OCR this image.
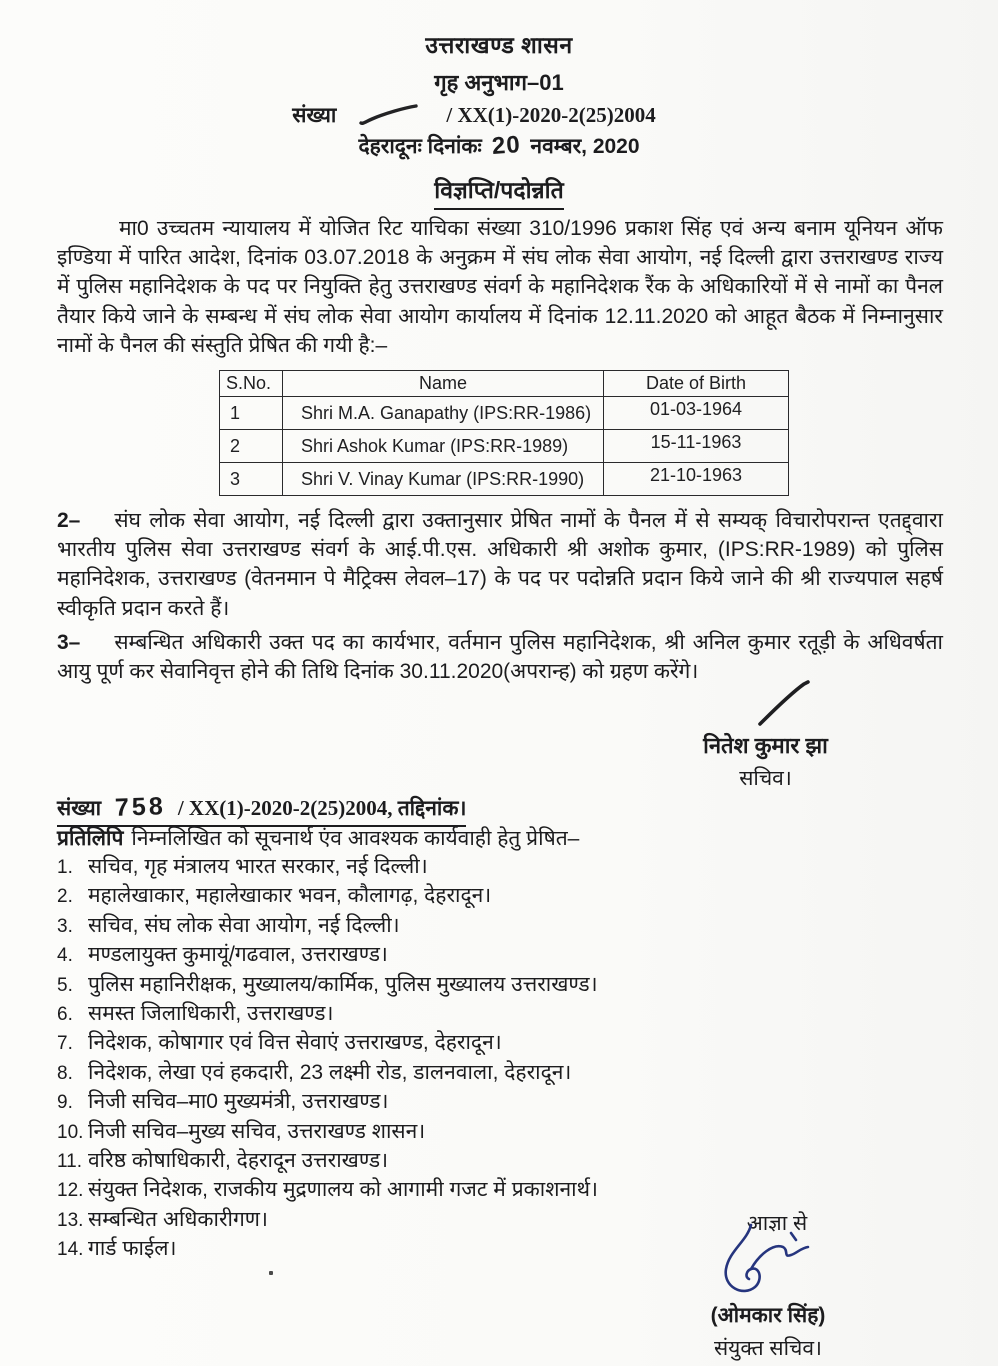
उत्तराखण्ड शासन
गृह अनुभाग–01
संख्या	/ XX(1)-2020-2(25)2004
देहरादूनः दिनांकः 20 नवम्बर, 2020
विज्ञप्ति/पदोन्नति

मा0 उच्चतम न्यायालय में योजित रिट याचिका संख्या 310/1996 प्रकाश सिंह एवं अन्य बनाम यूनियन ऑफ इण्डिया में पारित आदेश, दिनांक 03.07.2018 के अनुक्रम में संघ लोक सेवा आयोग, नई दिल्ली द्वारा उत्तराखण्ड राज्य में पुलिस महानिदेशक के पद पर नियुक्ति हेतु उत्तराखण्ड संवर्ग के महानिदेशक रैंक के अधिकारियों में से नामों का पैनल तैयार किये जाने के सम्बन्ध में संघ लोक सेवा आयोग कार्यालय में दिनांक 12.11.2020 को आहूत बैठक में निम्नानुसार नामों के पैनल की संस्तुति प्रेषित की गयी है:–

S.No.	Name	Date of Birth
1	Shri M.A. Ganapathy (IPS:RR-1986)	01-03-1964
2	Shri Ashok Kumar (IPS:RR-1989)	15-11-1963
3	Shri V. Vinay Kumar (IPS:RR-1990)	21-10-1963

2– संघ लोक सेवा आयोग, नई दिल्ली द्वारा उक्तानुसार प्रेषित नामों के पैनल में से सम्यक् विचारोपरान्त एतद्द्वारा भारतीय पुलिस सेवा उत्तराखण्ड संवर्ग के आई.पी.एस. अधिकारी श्री अशोक कुमार, (IPS:RR-1989) को पुलिस महानिदेशक, उत्तराखण्ड (वेतनमान पे मैट्रिक्स लेवल–17) के पद पर पदोन्नति प्रदान किये जाने की श्री राज्यपाल सहर्ष स्वीकृति प्रदान करते हैं।

3– सम्बन्धित अधिकारी उक्त पद का कार्यभार, वर्तमान पुलिस महानिदेशक, श्री अनिल कुमार रतूड़ी के अधिवर्षता आयु पूर्ण कर सेवानिवृत्त होने की तिथि दिनांक 30.11.2020(अपरान्ह) को ग्रहण करेंगे।

नितेश कुमार झा
सचिव।
संख्या 758 / XX(1)-2020-2(25)2004, तद्दिनांक।
प्रतिलिपि निम्नलिखित को सूचनार्थ एंव आवश्यक कार्यवाही हेतु प्रेषित–
1. सचिव, गृह मंत्रालय भारत सरकार, नई दिल्ली।
2. महालेखाकार, महालेखाकार भवन, कौलागढ़, देहरादून।
3. सचिव, संघ लोक सेवा आयोग, नई दिल्ली।
4. मण्डलायुक्त कुमायूं/गढवाल, उत्तराखण्ड।
5. पुलिस महानिरीक्षक, मुख्यालय/कार्मिक, पुलिस मुख्यालय उत्तराखण्ड।
6. समस्त जिलाधिकारी, उत्तराखण्ड।
7. निदेशक, कोषागार एवं वित्त सेवाएं उत्तराखण्ड, देहरादून।
8. निदेशक, लेखा एवं हकदारी, 23 लक्ष्मी रोड, डालनवाला, देहरादून।
9. निजी सचिव–मा0 मुख्यमंत्री, उत्तराखण्ड।
10. निजी सचिव–मुख्य सचिव, उत्तराखण्ड शासन।
11. वरिष्ठ कोषाधिकारी, देहरादून उत्तराखण्ड।
12. संयुक्त निदेशक, राजकीय मुद्रणालय को आगामी गजट में प्रकाशनार्थ।
13. सम्बन्धित अधिकारीगण।
14. गार्ड फाईल।
आज्ञा से
(ओमकार सिंह)
संयुक्त सचिव।
